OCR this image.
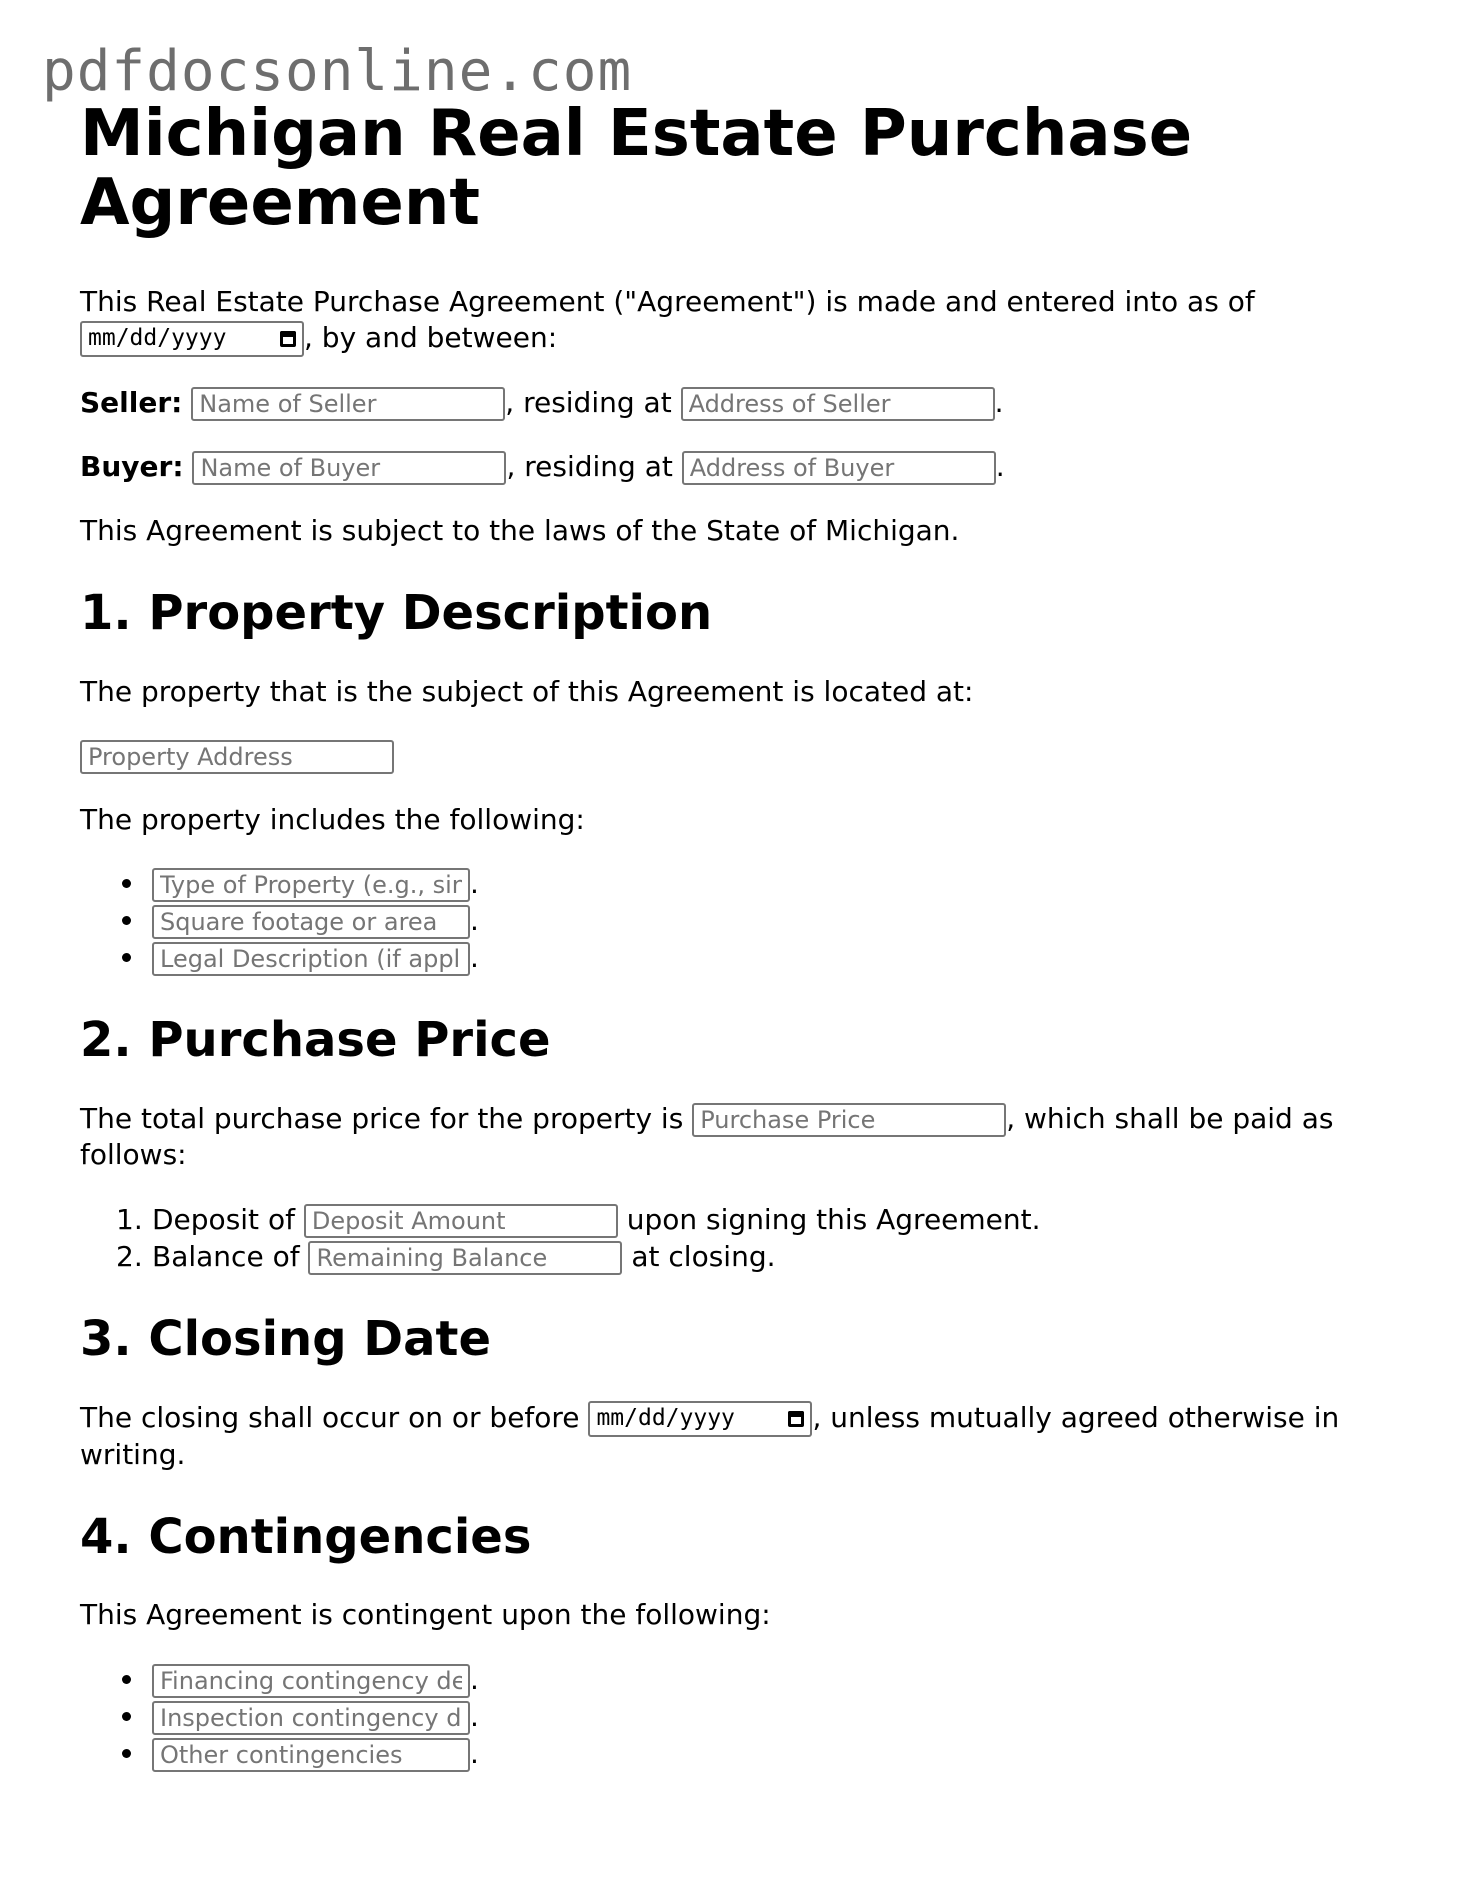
pdfdocsonline.com
Michigan Real Estate Purchase Agreement

This Real Estate Purchase Agreement ("Agreement") is made and entered into as of

mm/dd/yyyy	, by and between:

Seller: Name of Seller	, residing at Address of Seller	.
Buyer: Name of Buyer	, residing at Address of Buyer	.

This Agreement is subject to the laws of the State of Michigan.

1. Property Description

The property that is the subject of this Agreement is located at:

Property Address

The property includes the following:

Type of Property (e.g., single-family home, condominium).
Square footage or area.
Legal Description (if applicable).
2. Purchase Price

The total purchase price for the property is Purchase Price	, which shall be paid as follows:

1. Deposit of Deposit Amount	upon signing this Agreement.
2. Balance of Remaining Balance	at closing.
3. Closing Date

The closing shall occur on or before mm/dd/yyyy	, unless mutually agreed otherwise in writing.

4. Contingencies

This Agreement is contingent upon the following:

Financing contingency details.
Inspection contingency details.
Other contingencies.
